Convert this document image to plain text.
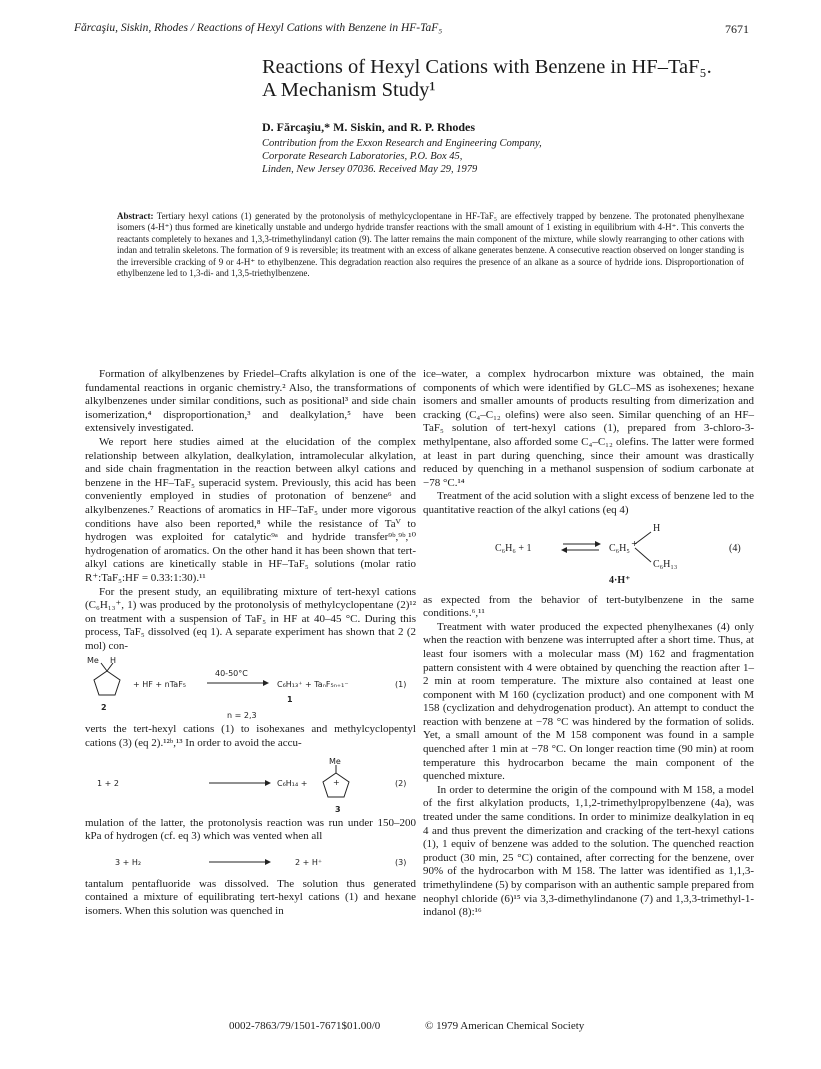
Fărcaşiu, Siskin, Rhodes / Reactions of Hexyl Cations with Benzene in HF-TaF₅	7671
Reactions of Hexyl Cations with Benzene in HF–TaF₅.
A Mechanism Study¹
D. Fărcaşiu,* M. Siskin, and R. P. Rhodes
Contribution from the Exxon Research and Engineering Company,
Corporate Research Laboratories, P.O. Box 45,
Linden, New Jersey 07036. Received May 29, 1979
Abstract: Tertiary hexyl cations (1) generated by the protonolysis of methylcyclopentane in HF-TaF₅ are effectively trapped by benzene. The protonated phenylhexane isomers (4-H⁺) thus formed are kinetically unstable and undergo hydride transfer reactions with the small amount of 1 existing in equilibrium with 4-H⁺. This converts the reactants completely to hexanes and 1,3,3-trimethylindanyl cation (9). The latter remains the main component of the mixture, while slowly rearranging to other cations with indan and tetralin skeletons. The formation of 9 is reversible; its treatment with an excess of alkane generates benzene. A consecutive reaction observed on longer standing is the irreversible cracking of 9 or 4-H⁺ to ethylbenzene. This degradation reaction also requires the presence of an alkane as a source of hydride ions. Disproportionation of ethylbenzene led to 1,3-di- and 1,3,5-triethylbenzene.

Formation of alkylbenzenes by Friedel–Crafts alkylation is one of the fundamental reactions in organic chemistry.² Also, the transformations of alkylbenzenes under similar conditions, such as positional³ and side chain isomerization,⁴ disproportionation,³ and dealkylation,⁵ have been extensively investigated.

We report here studies aimed at the elucidation of the complex relationship between alkylation, dealkylation, intramolecular alkylation, and side chain fragmentation in the reaction between alkyl cations and benzene in the HF–TaF₅ superacid system. Previously, this acid has been conveniently employed in studies of protonation of benzene⁶ and alkylbenzenes.⁷ Reactions of aromatics in HF–TaF₅ under more vigorous conditions have also been reported,⁸ while the resistance of Taⱽ to hydrogen was exploited for catalytic⁹ᵃ and hydride transfer⁹ᵇ,⁹ᵇ,¹⁰ hydrogenation of aromatics. On the other hand it has been shown that tert-alkyl cations are kinetically stable in HF–TaF₅ solutions (molar ratio R⁺:TaF₅:HF = 0.33:1:30).¹¹

For the present study, an equilibrating mixture of tert-hexyl cations (C₆H₁₃⁺, 1) was produced by the protonolysis of methylcyclopentane (2)¹² on treatment with a suspension of TaF₅ in HF at 40–45 °C. During this process, TaF₅ dissolved (eq 1). A separate experiment has shown that 2 (2 mol) con-

Me H
+ HF + nTaF₅
40-50°C
C₆H₁₃⁺ + TaₙF₅ₙ₊₁⁻	(1)
2
1
n = 2,3

verts the tert-hexyl cations (1) to isohexanes and methylcyclopentyl cations (3) (eq 2).¹²ᵇ,¹³ In order to avoid the accu-

1 + 2	C₆H₁₄ +
Me
+	(2)
3

mulation of the latter, the protonolysis reaction was run under 150–200 kPa of hydrogen (cf. eq 3) which was vented when all

3 + H₂	2 + H⁺	(3)

tantalum pentafluoride was dissolved. The solution thus generated contained a mixture of equilibrating tert-hexyl cations (1) and hexane isomers. When this solution was quenched in

ice–water, a complex hydrocarbon mixture was obtained, the main components of which were identified by GLC–MS as isohexenes; hexane isomers and smaller amounts of products resulting from dimerization and cracking (C₄–C₁₂ olefins) were also seen. Similar quenching of an HF–TaF₅ solution of tert-hexyl cations (1), prepared from 3-chloro-3-methylpentane, also afforded some C₄–C₁₂ olefins. The latter were formed at least in part during quenching, since their amount was drastically reduced by quenching in a methanol suspension of sodium carbonate at −78 °C.¹⁴

Treatment of the acid solution with a slight excess of benzene led to the quantitative reaction of the alkyl cations (eq 4)

C₆H₆ + 1	C₆H₅ +
H
C₆H₁₃
4·H⁺
(4)

as expected from the behavior of tert-butylbenzene in the same conditions.⁶,¹¹

Treatment with water produced the expected phenylhexanes (4) only when the reaction with benzene was interrupted after a short time. Thus, at least four isomers with a molecular mass (M) 162 and fragmentation pattern consistent with 4 were obtained by quenching the reaction after 1–2 min at room temperature. The mixture also contained at least one component with M 160 (cyclization product) and one component with M 158 (cyclization and dehydrogenation product). An attempt to conduct the reaction with benzene at −78 °C was hindered by the formation of solids. Yet, a small amount of the M 158 component was found in a sample quenched after 1 min at −78 °C. On longer reaction time (90 min) at room temperature this hydrocarbon became the main component of the quenched mixture.

In order to determine the origin of the compound with M 158, a model of the first alkylation products, 1,1,2-trimethylpropylbenzene (4a), was treated under the same conditions. In order to minimize dealkylation in eq 4 and thus prevent the dimerization and cracking of the tert-hexyl cations (1), 1 equiv of benzene was added to the solution. The quenched reaction product (30 min, 25 °C) contained, after correcting for the benzene, over 90% of the hydrocarbon with M 158. The latter was identified as 1,1,3-trimethylindene (5) by comparison with an authentic sample prepared from neophyl chloride (6)¹⁵ via 3,3-dimethylindanone (7) and 1,3,3-trimethyl-1-indanol (8):¹⁶

0002-7863/79/1501-7671$01.00/0	© 1979 American Chemical Society
